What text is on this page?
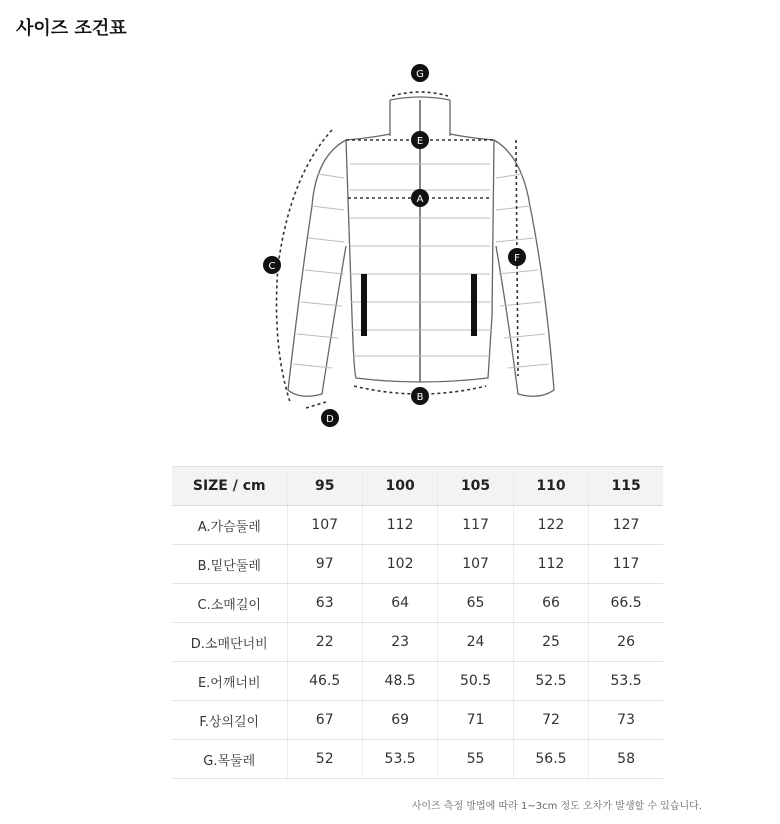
사이즈 조건표
G
E
A
C
F
B
D
SIZE / cm	95	100	105	110	115
A.가슴둘레	107	112	117	122	127
B.밑단둘레	97	102	107	112	117
C.소매길이	63	64	65	66	66.5
D.소매단너비	22	23	24	25	26
E.어깨너비	46.5	48.5	50.5	52.5	53.5
F.상의길이	67	69	71	72	73
G.목둘레	52	53.5	55	56.5	58
사이즈 측정 방법에 따라 1~3cm 정도 오차가 발생할 수 있습니다.
